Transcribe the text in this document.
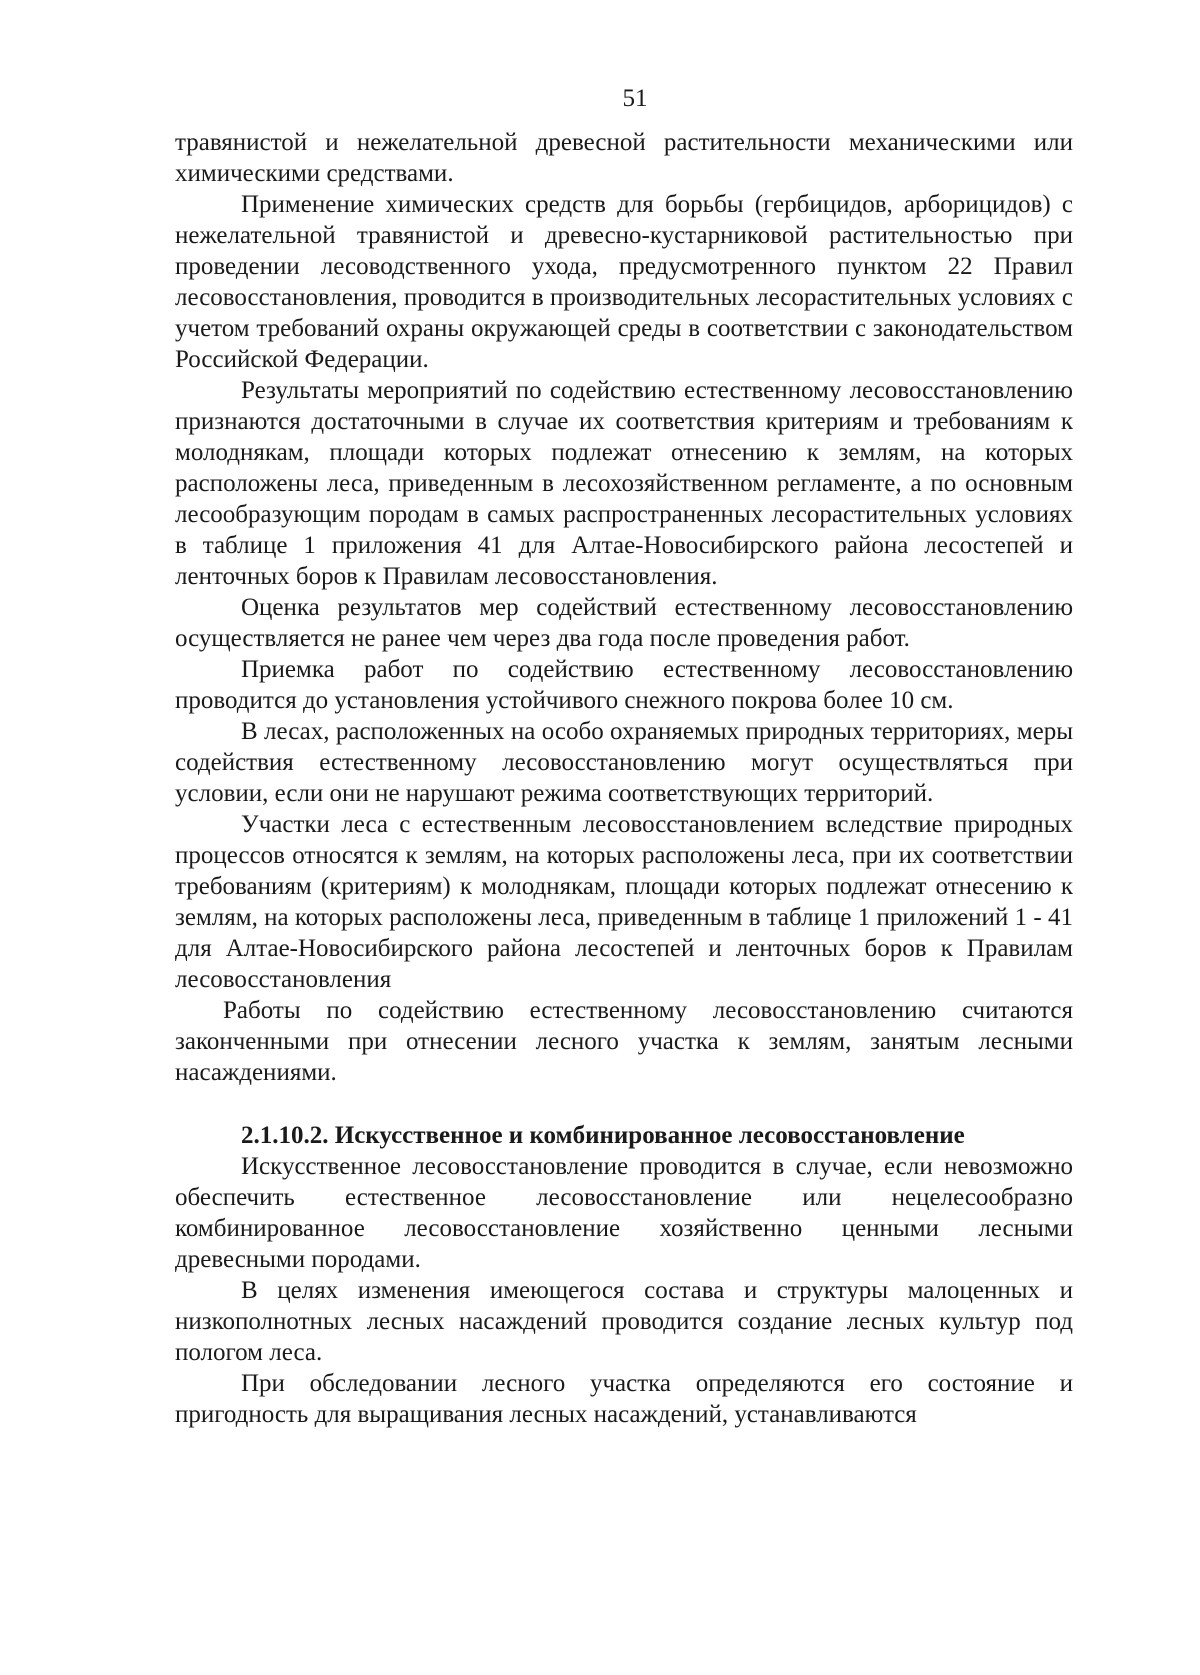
51

травянистой и нежелательной древесной растительности механическими или химическими средствами.

Применение химических средств для борьбы (гербицидов, арборицидов) с нежелательной травянистой и древесно-кустарниковой растительностью при проведении лесоводственного ухода, предусмотренного пунктом 22 Правил лесовосстановления, проводится в производительных лесорастительных условиях с учетом требований охраны окружающей среды в соответствии с законодательством Российской Федерации.

Результаты мероприятий по содействию естественному лесовосстановлению признаются достаточными в случае их соответствия критериям и требованиям к молоднякам, площади которых подлежат отнесению к землям, на которых расположены леса, приведенным в лесохозяйственном регламенте, а по основным лесообразующим породам в самых распространенных лесорастительных условиях в таблице 1 приложения 41 для Алтае-Новосибирского района лесостепей и ленточных боров к Правилам лесовосстановления.

Оценка результатов мер содействий естественному лесовосстановлению осуществляется не ранее чем через два года после проведения работ.

Приемка работ по содействию естественному лесовосстановлению проводится до установления устойчивого снежного покрова более 10 см.

В лесах, расположенных на особо охраняемых природных территориях, меры содействия естественному лесовосстановлению могут осуществляться при условии, если они не нарушают режима соответствующих территорий.

Участки леса с естественным лесовосстановлением вследствие природных процессов относятся к землям, на которых расположены леса, при их соответствии требованиям (критериям) к молоднякам, площади которых подлежат отнесению к землям, на которых расположены леса, приведенным в таблице 1 приложений 1 - 41 для Алтае-Новосибирского района лесостепей и ленточных боров к Правилам лесовосстановления

Работы по содействию естественному лесовосстановлению считаются законченными при отнесении лесного участка к землям, занятым лесными насаждениями.

2.1.10.2. Искусственное и комбинированное лесовосстановление

Искусственное лесовосстановление проводится в случае, если невозможно обеспечить естественное лесовосстановление или нецелесообразно комбинированное лесовосстановление хозяйственно ценными лесными древесными породами.

В целях изменения имеющегося состава и структуры малоценных и низкополнотных лесных насаждений проводится создание лесных культур под пологом леса.

При обследовании лесного участка определяются его состояние и пригодность для выращивания лесных насаждений, устанавливаются
